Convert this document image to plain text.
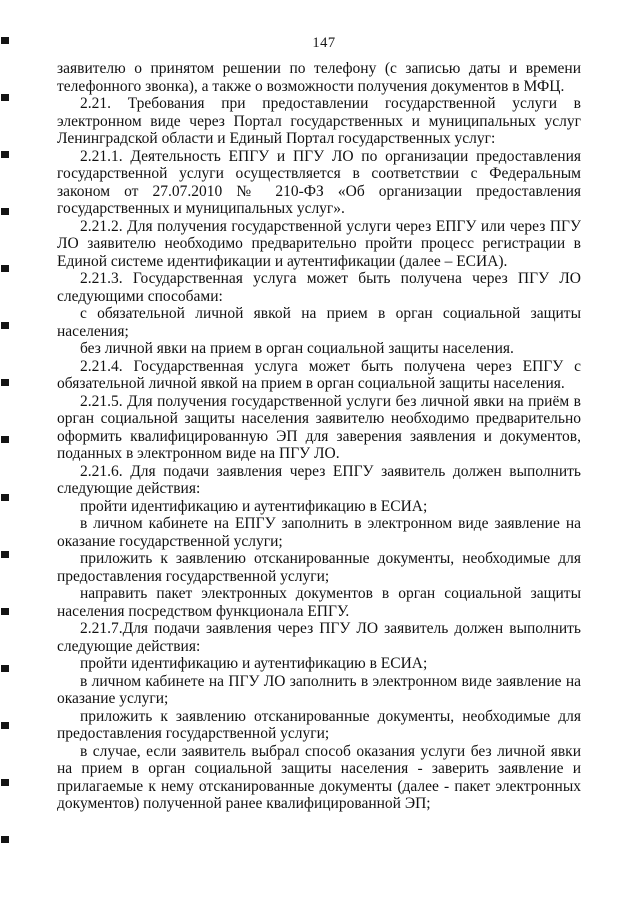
147

заявителю о принятом решении по телефону (с записью даты и времени телефонного звонка), а также о возможности получения документов в МФЦ.

2.21. Требования при предоставлении государственной услуги в электронном виде через Портал государственных и муниципальных услуг Ленинградской области и Единый Портал государственных услуг:

2.21.1. Деятельность ЕПГУ и ПГУ ЛО по организации предоставления государственной услуги осуществляется в соответствии с Федеральным законом от 27.07.2010 № 210-ФЗ «Об организации предоставления государственных и муниципальных услуг».

2.21.2. Для получения государственной услуги через ЕПГУ или через ПГУ ЛО заявителю необходимо предварительно пройти процесс регистрации в Единой системе идентификации и аутентификации (далее – ЕСИА).

2.21.3. Государственная услуга может быть получена через ПГУ ЛО следующими способами:

с обязательной личной явкой на прием в орган социальной защиты населения;

без личной явки на прием в орган социальной защиты населения.

2.21.4. Государственная услуга может быть получена через ЕПГУ с обязательной личной явкой на прием в орган социальной защиты населения.

2.21.5. Для получения государственной услуги без личной явки на приём в орган социальной защиты населения заявителю необходимо предварительно оформить квалифицированную ЭП для заверения заявления и документов, поданных в электронном виде на ПГУ ЛО.

2.21.6. Для подачи заявления через ЕПГУ заявитель должен выполнить следующие действия:

пройти идентификацию и аутентификацию в ЕСИА;

в личном кабинете на ЕПГУ заполнить в электронном виде заявление на оказание государственной услуги;

приложить к заявлению отсканированные документы, необходимые для предоставления государственной услуги;

направить пакет электронных документов в орган социальной защиты населения посредством функционала ЕПГУ.

2.21.7.Для подачи заявления через ПГУ ЛО заявитель должен выполнить следующие действия:

пройти идентификацию и аутентификацию в ЕСИА;

в личном кабинете на ПГУ ЛО заполнить в электронном виде заявление на оказание услуги;

приложить к заявлению отсканированные документы, необходимые для предоставления государственной услуги;

в случае, если заявитель выбрал способ оказания услуги без личной явки на прием в орган социальной защиты населения - заверить заявление и прилагаемые к нему отсканированные документы (далее - пакет электронных документов) полученной ранее квалифицированной ЭП;
